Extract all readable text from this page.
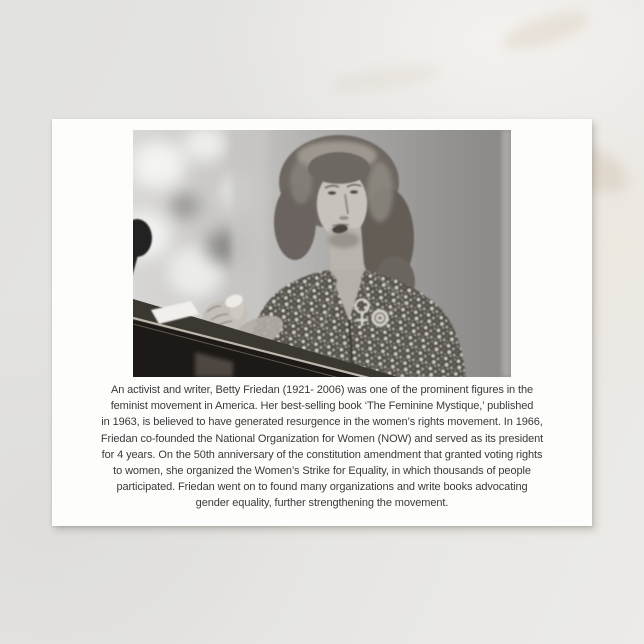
An activist and writer, Betty Friedan (1921- 2006) was one of the prominent figures in the
feminist movement in America. Her best-selling book ‘The Feminine Mystique,’ published
in 1963, is believed to have generated resurgence in the women’s rights movement. In 1966,
Friedan co-founded the National Organization for Women (NOW) and served as its president
for 4 years. On the 50th anniversary of the constitution amendment that granted voting rights
to women, she organized the Women’s Strike for Equality, in which thousands of people
participated. Friedan went on to found many organizations and write books advocating
gender equality, further strengthening the movement.
